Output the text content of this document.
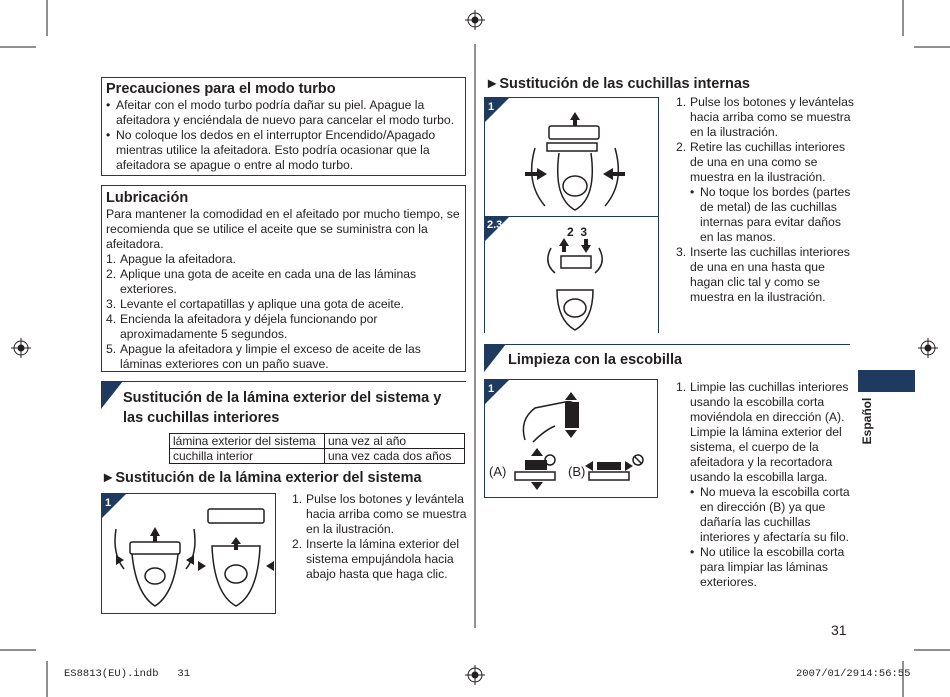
Precauciones para el modo turbo
• Afeitar con el modo turbo podría dañar su piel. Apague la afeitadora y enciéndala de nuevo para cancelar el modo turbo.
• No coloque los dedos en el interruptor Encendido/Apagado mientras utilice la afeitadora. Esto podría ocasionar que la afeitadora se apague o entre al modo turbo.
Lubricación
Para mantener la comodidad en el afeitado por mucho tiempo, se recomienda que se utilice el aceite que se suministra con la afeitadora.
1. Apague la afeitadora.
2. Aplique una gota de aceite en cada una de las láminas exteriores.
3. Levante el cortapatillas y aplique una gota de aceite.
4. Encienda la afeitadora y déjela funcionando por aproximadamente 5 segundos.
5. Apague la afeitadora y limpie el exceso de aceite de las láminas exteriores con un paño suave.
Sustitución de la lámina exterior del sistema y las cuchillas interiores
lámina exterior del sistema	una vez al año
cuchilla interior	una vez cada dos años
►Sustitución de la lámina exterior del sistema
1	1. Pulse los botones y levántela hacia arriba como se muestra en la ilustración.
2. Inserte la lámina exterior del sistema empujándola hacia abajo hasta que haga clic.
►Sustitución de las cuchillas internas
1
2.3	2  3
1. Pulse los botones y levántelas hacia arriba como se muestra en la ilustración.
2. Retire las cuchillas interiores de una en una como se muestra en la ilustración.
• No toque los bordes (partes de metal) de las cuchillas internas para evitar daños en las manos.
3. Inserte las cuchillas interiores de una en una hasta que hagan clic tal y como se muestra en la ilustración.
Limpieza con la escobilla
1
(A)	(B)
1. Limpie las cuchillas interiores usando la escobilla corta moviéndola en dirección (A).
Limpie la lámina exterior del sistema, el cuerpo de la afeitadora y la recortadora usando la escobilla larga.
• No mueva la escobilla corta en dirección (B) ya que dañaría las cuchillas interiores y afectaría su filo.
• No utilice la escobilla corta para limpiar las láminas exteriores.
Español
31
ES8813(EU).indb   31	2007/01/29 14:56:55
